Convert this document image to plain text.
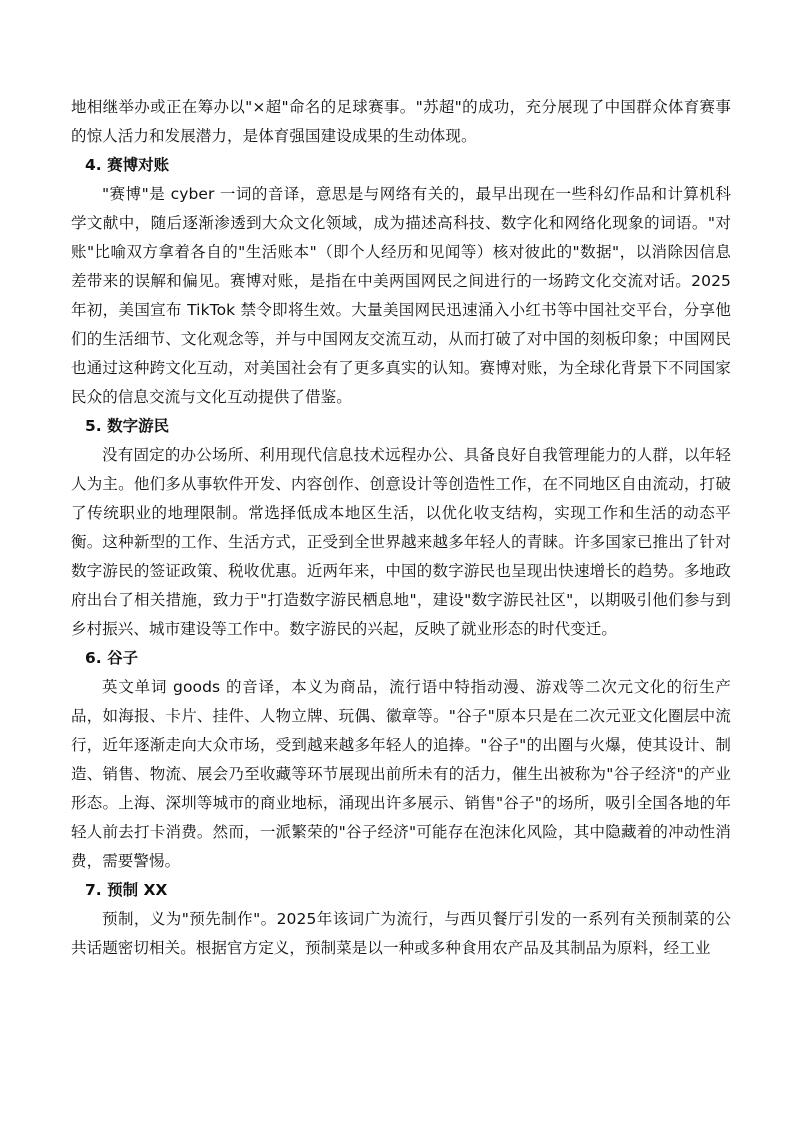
地相继举办或正在筹办以"×超"命名的足球赛事。"苏超"的成功，充分展现了中国群众体育赛事的惊人活力和发展潜力，是体育强国建设成果的生动体现。

4. 赛博对账

"赛博"是 cyber 一词的音译，意思是与网络有关的，最早出现在一些科幻作品和计算机科学文献中，随后逐渐渗透到大众文化领域，成为描述高科技、数字化和网络化现象的词语。"对账"比喻双方拿着各自的"生活账本"（即个人经历和见闻等）核对彼此的"数据"，以消除因信息差带来的误解和偏见。赛博对账，是指在中美两国网民之间进行的一场跨文化交流对话。2025年初，美国宣布 TikTok 禁令即将生效。大量美国网民迅速涌入小红书等中国社交平台，分享他们的生活细节、文化观念等，并与中国网友交流互动，从而打破了对中国的刻板印象；中国网民也通过这种跨文化互动，对美国社会有了更多真实的认知。赛博对账，为全球化背景下不同国家民众的信息交流与文化互动提供了借鉴。

5. 数字游民

没有固定的办公场所、利用现代信息技术远程办公、具备良好自我管理能力的人群，以年轻人为主。他们多从事软件开发、内容创作、创意设计等创造性工作，在不同地区自由流动，打破了传统职业的地理限制。常选择低成本地区生活，以优化收支结构，实现工作和生活的动态平衡。这种新型的工作、生活方式，正受到全世界越来越多年轻人的青睐。许多国家已推出了针对数字游民的签证政策、税收优惠。近两年来，中国的数字游民也呈现出快速增长的趋势。多地政府出台了相关措施，致力于"打造数字游民栖息地"，建设"数字游民社区"，以期吸引他们参与到乡村振兴、城市建设等工作中。数字游民的兴起，反映了就业形态的时代变迁。

6. 谷子

英文单词 goods 的音译，本义为商品，流行语中特指动漫、游戏等二次元文化的衍生产品，如海报、卡片、挂件、人物立牌、玩偶、徽章等。"谷子"原本只是在二次元亚文化圈层中流行，近年逐渐走向大众市场，受到越来越多年轻人的追捧。"谷子"的出圈与火爆，使其设计、制造、销售、物流、展会乃至收藏等环节展现出前所未有的活力，催生出被称为"谷子经济"的产业形态。上海、深圳等城市的商业地标，涌现出许多展示、销售"谷子"的场所，吸引全国各地的年轻人前去打卡消费。然而，一派繁荣的"谷子经济"可能存在泡沫化风险，其中隐藏着的冲动性消费，需要警惕。

7. 预制 XX

预制，义为"预先制作"。2025年该词广为流行，与西贝餐厅引发的一系列有关预制菜的公共话题密切相关。根据官方定义，预制菜是以一种或多种食用农产品及其制品为原料，经工业
